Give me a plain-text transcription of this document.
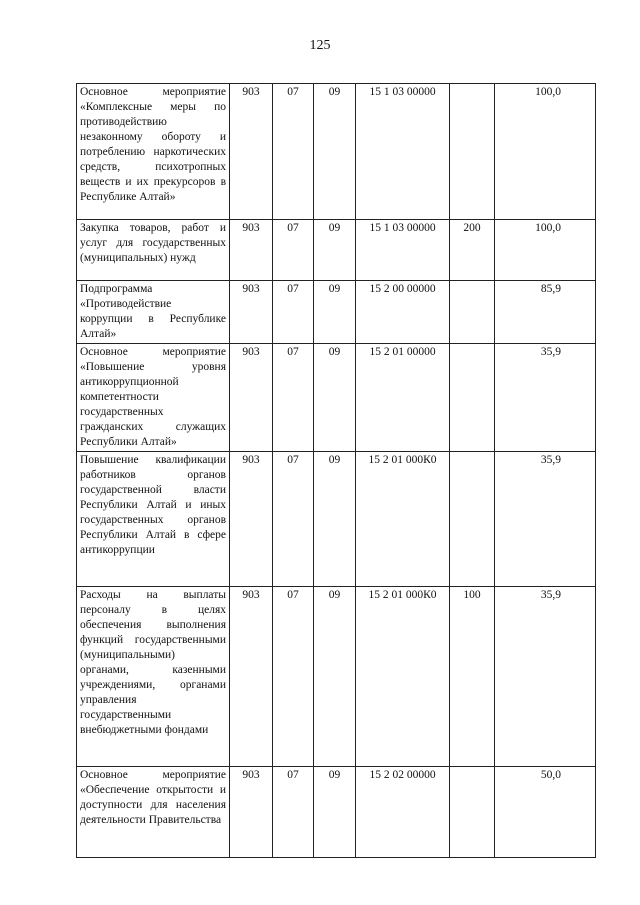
125
Основное мероприятие «Комплексные меры по противодействию незаконному обороту и потреблению наркотических средств, психотропных веществ и их прекурсоров в Республике Алтай»	903	07	09	15 1 03 00000		100,0
Закупка товаров, работ и услуг для государственных (муниципальных) нужд	903	07	09	15 1 03 00000	200	100,0
Подпрограмма «Противодействие коррупции в Республике Алтай»	903	07	09	15 2 00 00000		85,9
Основное мероприятие «Повышение уровня антикоррупционной компетентности государственных гражданских служащих Республики Алтай»	903	07	09	15 2 01 00000		35,9
Повышение квалификации работников органов государственной власти Республики Алтай и иных государственных органов Республики Алтай в сфере антикоррупции	903	07	09	15 2 01 000К0		35,9
Расходы на выплаты персоналу в целях обеспечения выполнения функций государственными (муниципальными) органами, казенными учреждениями, органами управления государственными внебюджетными фондами	903	07	09	15 2 01 000К0	100	35,9
Основное мероприятие «Обеспечение открытости и доступности для населения деятельности Правительства	903	07	09	15 2 02 00000		50,0
